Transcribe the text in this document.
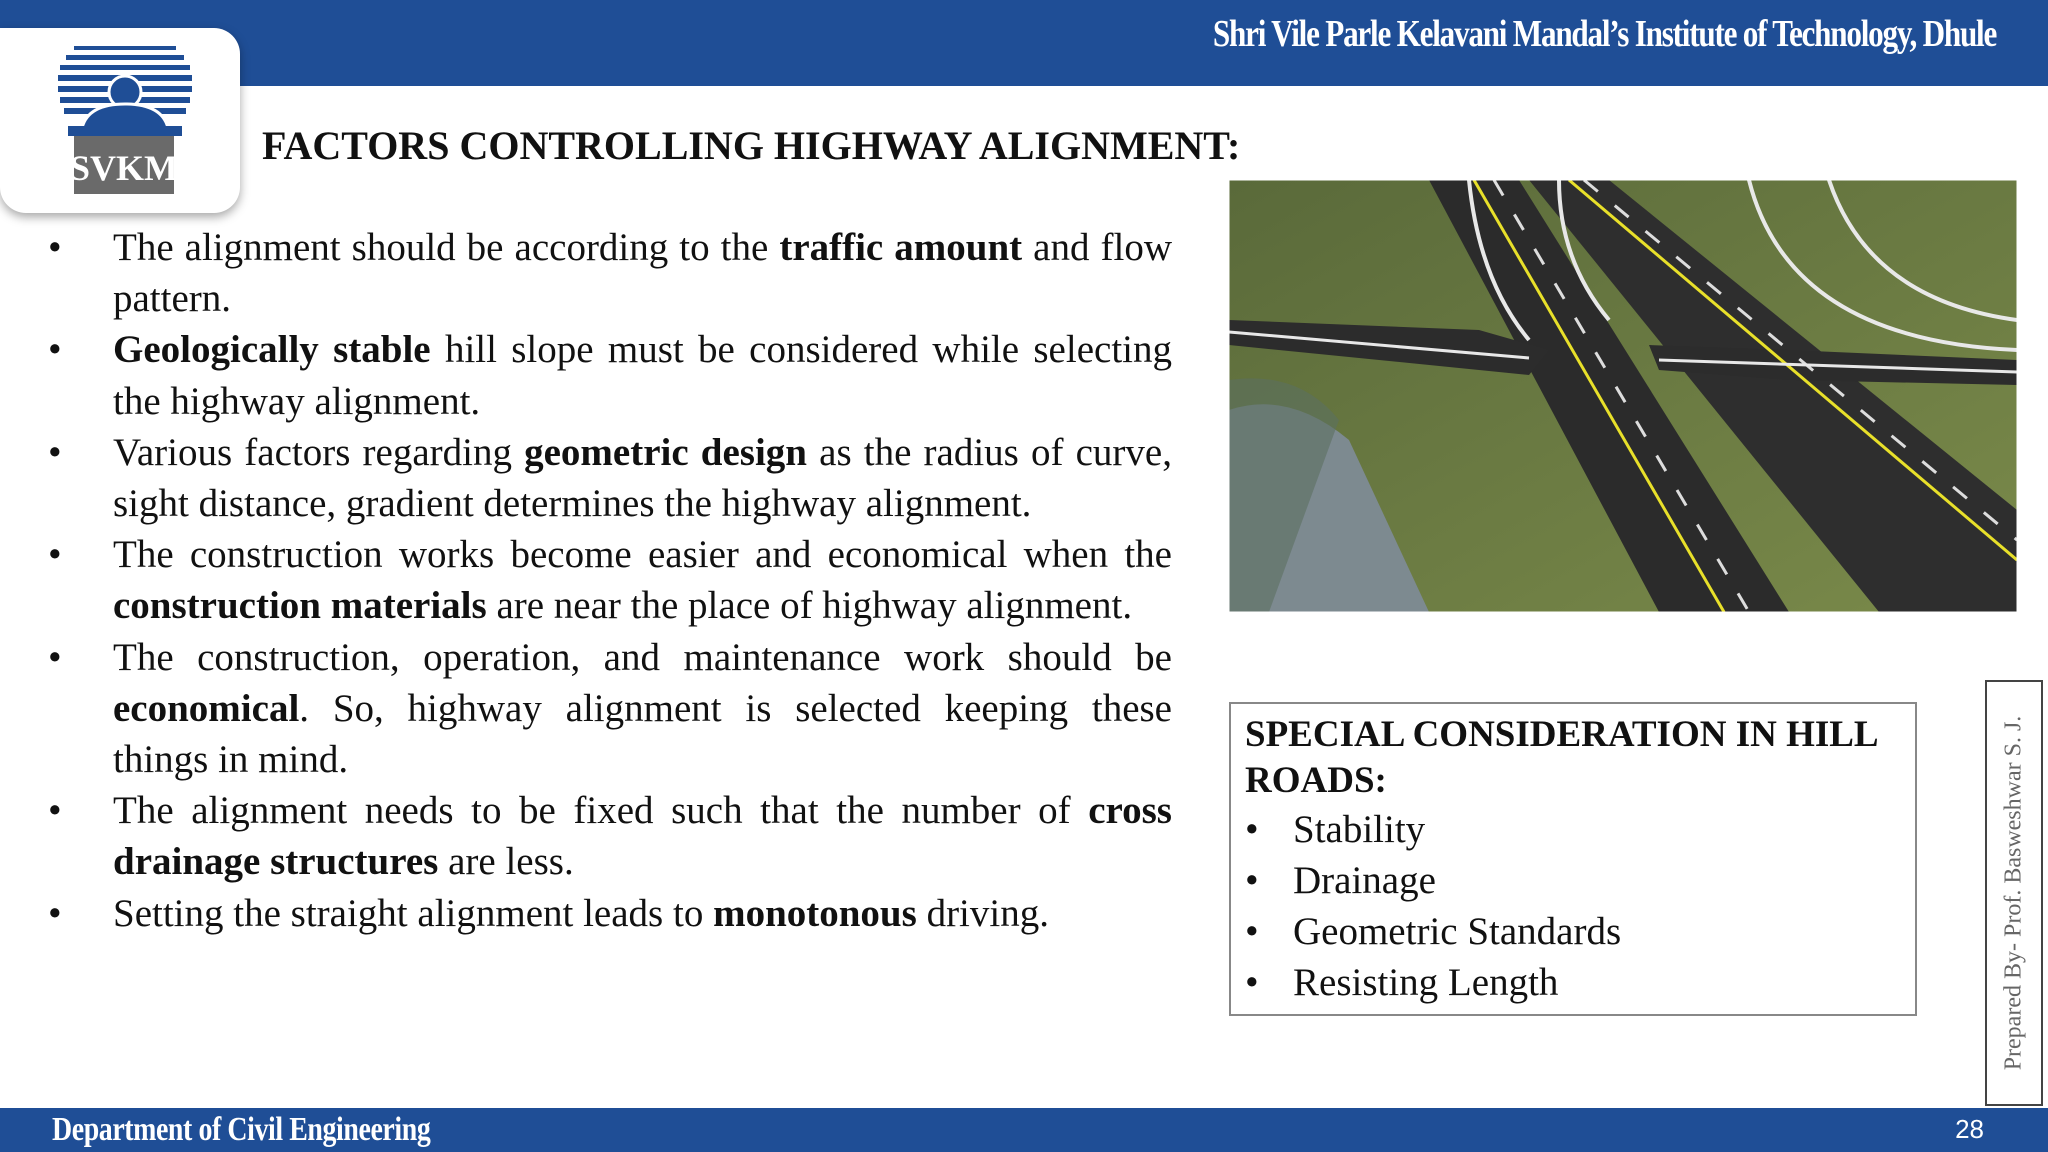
Shri Vile Parle Kelavani Mandal’s Institute of Technology, Dhule
SVKM FACTORS CONTROLLING HIGHWAY ALIGNMENT:
• The alignment should be according to the traffic amount and flow pattern.
• Geologically stable hill slope must be considered while selecting the highway alignment.
• Various factors regarding geometric design as the radius of curve, sight distance, gradient determines the highway alignment.
• The construction works become easier and economical when the construction materials are near the place of highway alignment.
• The construction, operation, and maintenance work should be economical. So, highway alignment is selected keeping these things in mind.
• The alignment needs to be fixed such that the number of cross drainage structures are less.
• Setting the straight alignment leads to monotonous driving.

SPECIAL CONSIDERATION IN HILL ROADS:

• Stability
• Drainage
• Geometric Standards
• Resisting Length	Prepared By- Prof. Basweshwar S. J.
Department of Civil Engineering	28
